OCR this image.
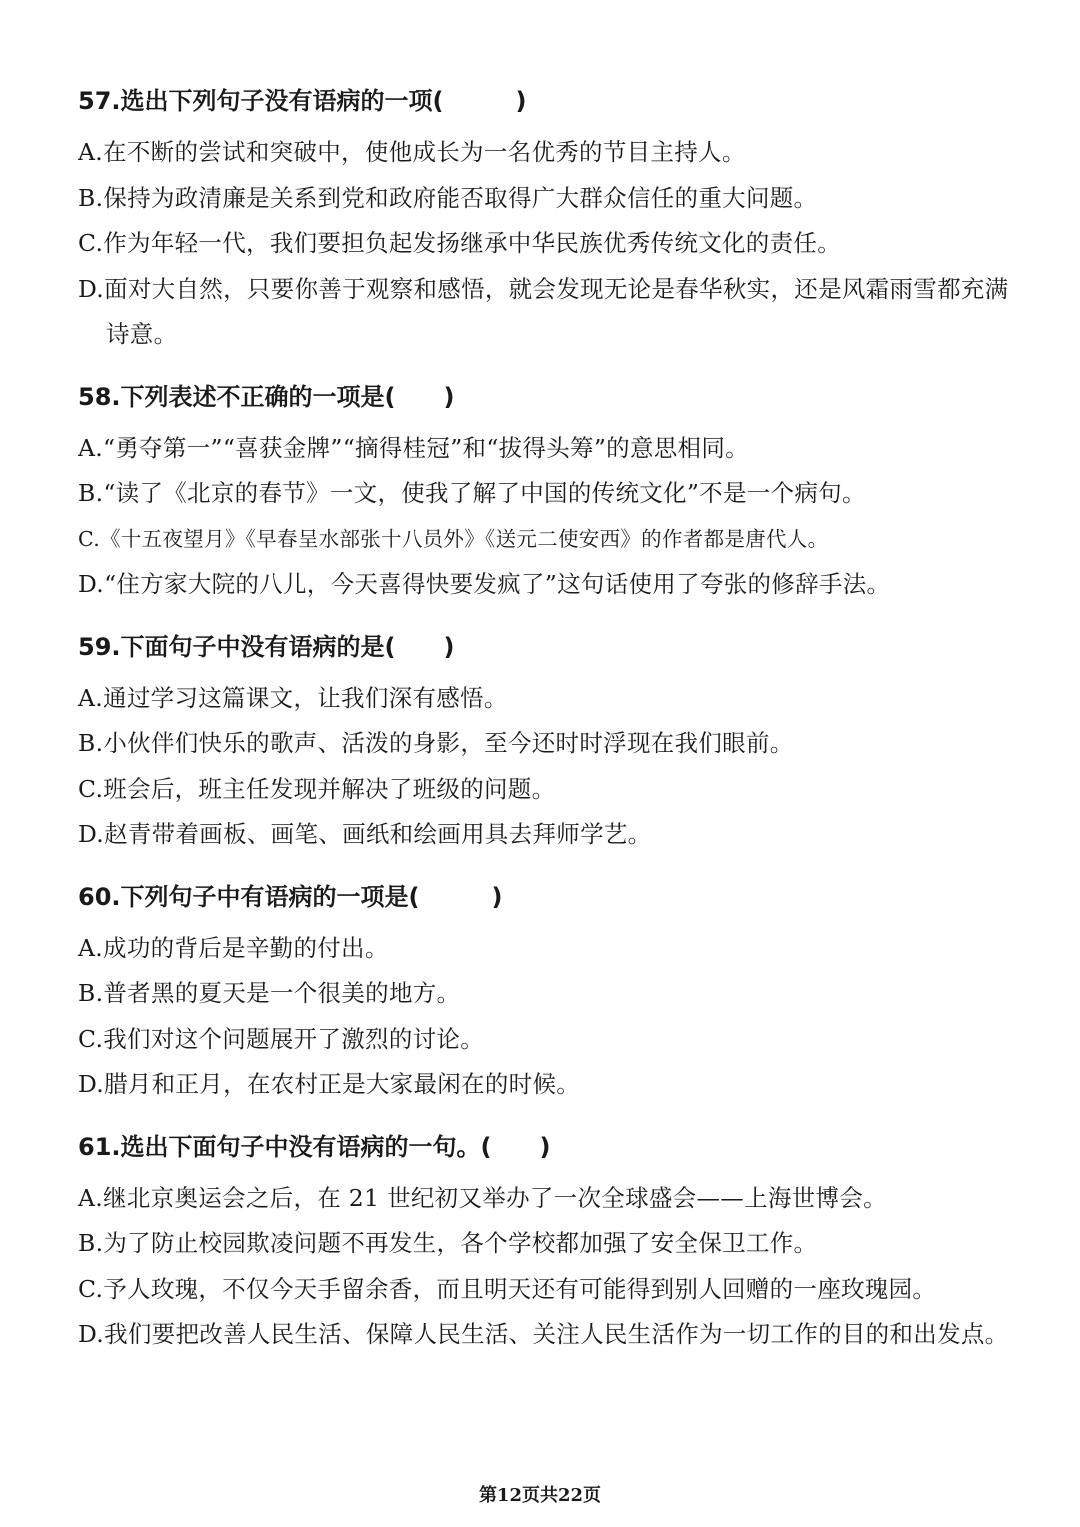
57.选出下列句子没有语病的一项(　　　)
A.在不断的尝试和突破中，使他成长为一名优秀的节目主持人。
B.保持为政清廉是关系到党和政府能否取得广大群众信任的重大问题。
C.作为年轻一代，我们要担负起发扬继承中华民族优秀传统文化的责任。
D.面对大自然，只要你善于观察和感悟，就会发现无论是春华秋实，还是风霜雨雪都充满诗意。
58.下列表述不正确的一项是(　　)
A.“勇夺第一”“喜获金牌”“摘得桂冠”和“拔得头筹”的意思相同。
B.“读了《北京的春节》一文，使我了解了中国的传统文化”不是一个病句。
C.《十五夜望月》《早春呈水部张十八员外》《送元二使安西》的作者都是唐代人。
D.“住方家大院的八儿，今天喜得快要发疯了”这句话使用了夸张的修辞手法。
59.下面句子中没有语病的是(　　)
A.通过学习这篇课文，让我们深有感悟。
B.小伙伴们快乐的歌声、活泼的身影，至今还时时浮现在我们眼前。
C.班会后，班主任发现并解决了班级的问题。
D.赵青带着画板、画笔、画纸和绘画用具去拜师学艺。
60.下列句子中有语病的一项是(　　　)
A.成功的背后是辛勤的付出。
B.普者黑的夏天是一个很美的地方。
C.我们对这个问题展开了激烈的讨论。
D.腊月和正月，在农村正是大家最闲在的时候。
61.选出下面句子中没有语病的一句。(　　)
A.继北京奥运会之后，在 21 世纪初又举办了一次全球盛会——上海世博会。
B.为了防止校园欺凌问题不再发生，各个学校都加强了安全保卫工作。
C.予人玫瑰，不仅今天手留余香，而且明天还有可能得到别人回赠的一座玫瑰园。
D.我们要把改善人民生活、保障人民生活、关注人民生活作为一切工作的目的和出发点。
第12页共22页
